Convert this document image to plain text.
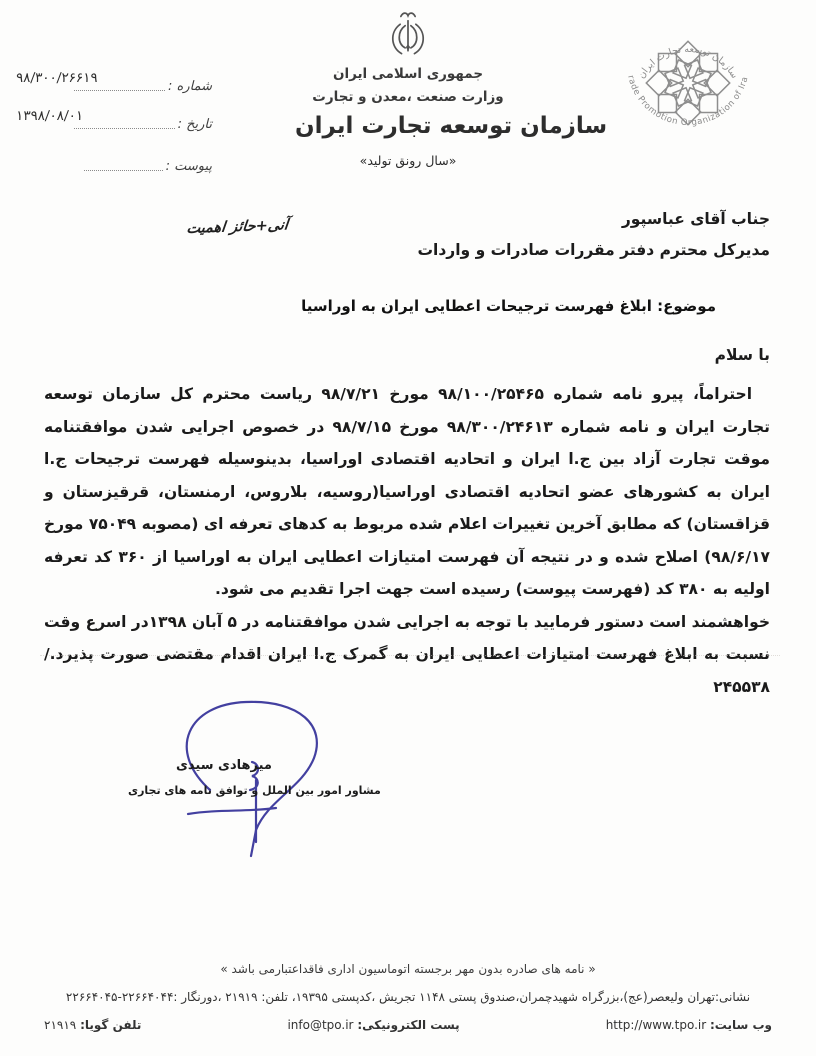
شماره :
۹۸/۳۰۰/۲۶۶۱۹
تاریخ :
۱۳۹۸/۰۸/۰۱
پیوست :
جمهوری اسلامی ایران
وزارت صنعت ،معدن و تجارت
سازمان توسعه تجارت ایران
«سال رونق تولید»
سازمان توسعه تجارت ایران
Trade Promotion Organization of Iran
جناب آقای عباسپور
مدیرکل محترم دفتر مقررات صادرات و واردات
آنی+حائز اهمیت
موضوع: ابلاغ فهرست ترجیحات اعطایی ایران به اوراسیا
با سلام

احتراماً، پیرو نامه شماره ۹۸/۱۰۰/۲۵۴۶۵ مورخ ۹۸/۷/۲۱ ریاست محترم کل سازمان توسعه تجارت ایران و نامه شماره ۹۸/۳۰۰/۲۴۶۱۳ مورخ ۹۸/۷/۱۵ در خصوص اجرایی شدن موافقتنامه موقت تجارت آزاد بین ج.ا ایران و اتحادیه اقتصادی اوراسیا، بدینوسیله فهرست ترجیحات ج.ا ایران به کشورهای عضو اتحادیه اقتصادی اوراسیا(روسیه، بلاروس، ارمنستان، قرقیزستان و قزاقستان) که مطابق آخرین تغییرات اعلام شده مربوط به کدهای تعرفه ای (مصوبه ۷۵۰۴۹ مورخ ۹۸/۶/۱۷) اصلاح شده و در نتیجه آن فهرست امتیازات اعطایی ایران به اوراسیا از ۳۶۰ کد تعرفه اولیه به ۳۸۰ کد (فهرست پیوست) رسیده است جهت اجرا تقدیم می شود.

خواهشمند است دستور فرمایید با توجه به اجرایی شدن موافقتنامه در ۵ آبان ۱۳۹۸در اسرع وقت نسبت به ابلاغ فهرست امتیازات اعطایی ایران به گمرک ج.ا ایران اقدام مقتضی صورت پذیرد./۲۴۵۵۳۸

میرهادی سیدی
مشاور امور بین الملل و توافق نامه های تجاری
« نامه های صادره بدون مهر برجسته اتوماسیون اداری فاقداعتبارمی باشد »
نشانی:تهران ولیعصر(عج)،بزرگراه شهیدچمران،صندوق پستی ۱۱۴۸ تجریش ،کدپستی ۱۹۳۹۵، تلفن: ۲۱۹۱۹ ،دورنگار :۲۲۶۶۴۰۴۴-۲۲۶۶۴۰۴۵
وب سایت: http://www.tpo.ir
پست الکترونیکی: info@tpo.ir
تلفن گویا: ۲۱۹۱۹
